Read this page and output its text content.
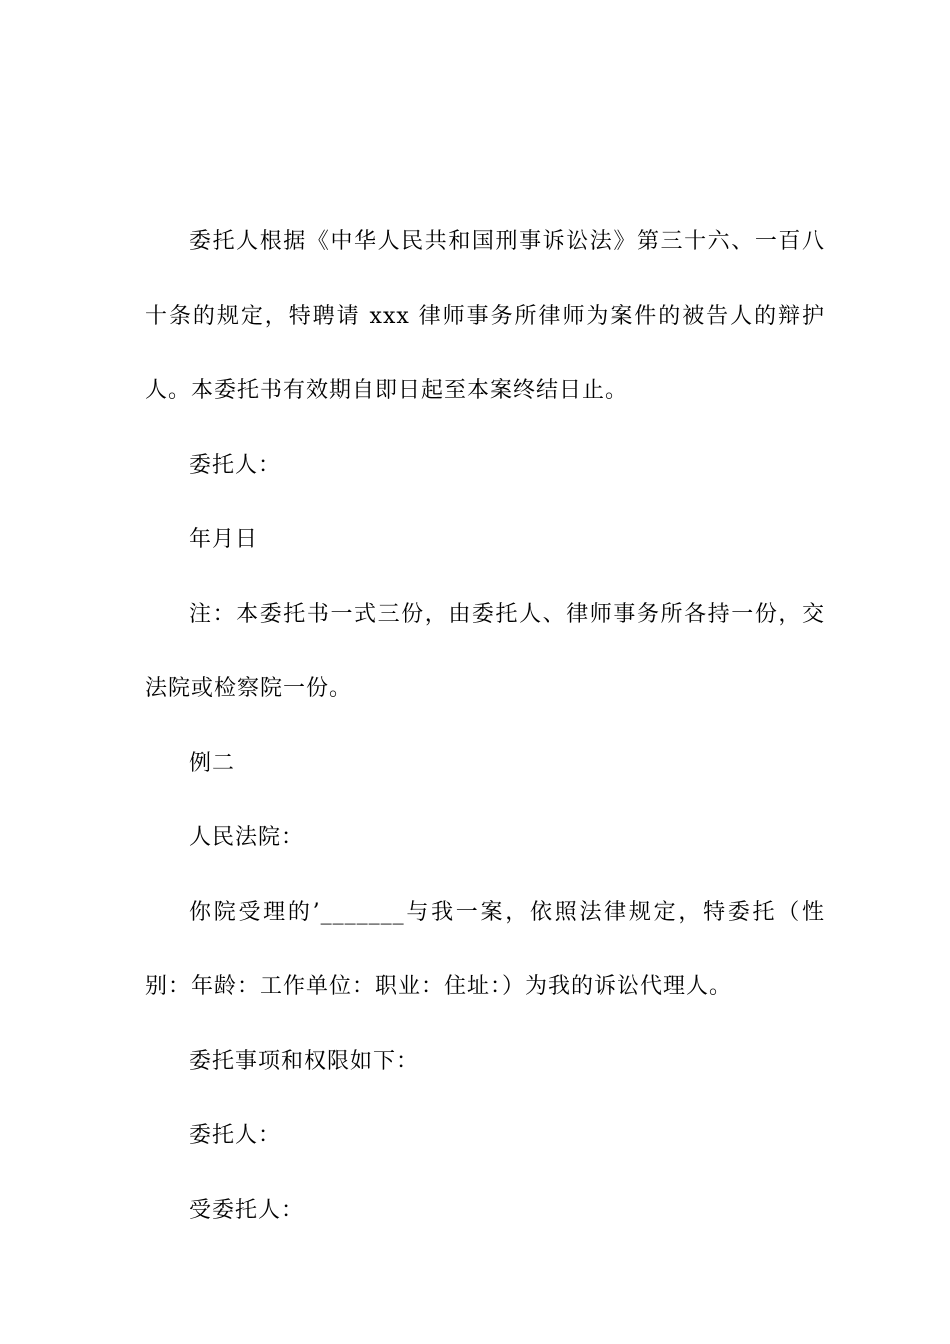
委托人根据《中华人民共和国刑事诉讼法》第三十六、一百八十条的规定，特聘请 xxx 律师事务所律师为案件的被告人的辩护人。本委托书有效期自即日起至本案终结日止。

委托人：

年月日

注：本委托书一式三份，由委托人、律师事务所各持一份，交法院或检察院一份。

例二

人民法院：

你院受理的’_______与我一案，依照法律规定，特委托（性别：年龄：工作单位：职业：住址：）为我的诉讼代理人。

委托事项和权限如下：

委托人：

受委托人：
